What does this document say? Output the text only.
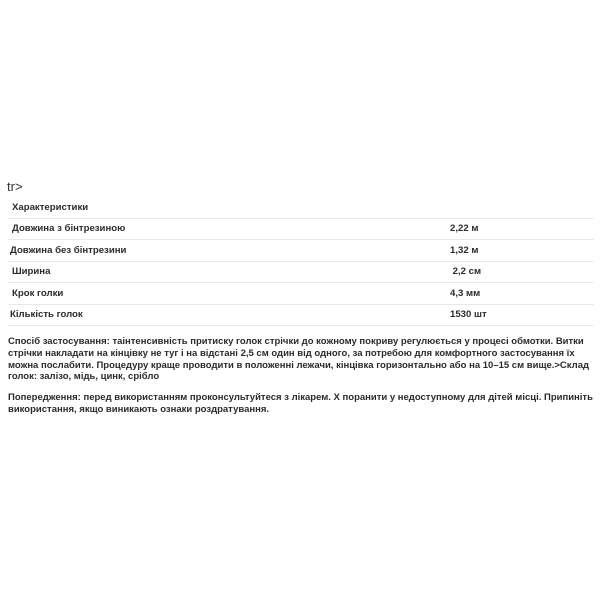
tr>
Характеристики	
Довжина з бінтрезиною	2,22 м
Довжина без бінтрезини	1,32 м
Ширина	2,2 см
Крок голки	4,3 мм
Кількість голок	1530 шт

Спосіб застосування: таінтенсивність притиску голок стрічки до кожному покриву регулюється у процесі обмотки. Витки стрічки накладати на кінцівку не туг і на відстані 2,5 см один від одного, за потребою для комфортного застосування їх можна послабити. Процедуру краще проводити в положенні лежачи, кінцівка горизонтально або на 10–15 см вище.>Склад голок: залізо, мідь, цинк, срібло

Попередження: перед використанням проконсультуйтеся з лікарем. Х поранити у недоступному для дітей місці. Припиніть використання, якщо виникають ознаки роздратування.
